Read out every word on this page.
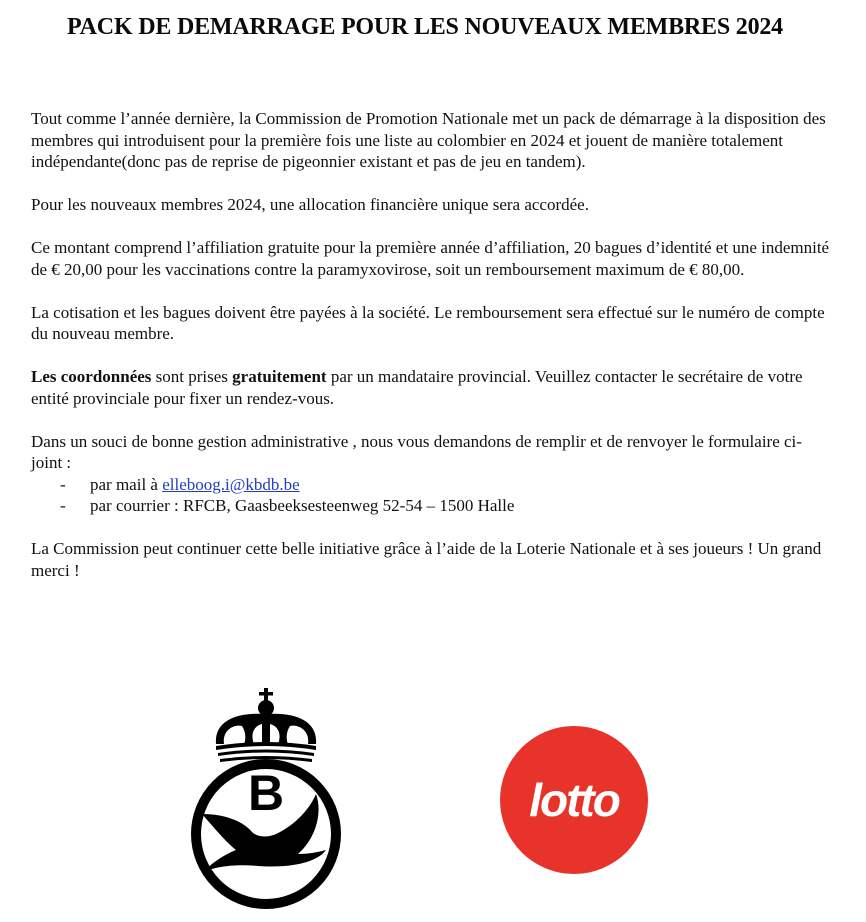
PACK DE DEMARRAGE POUR LES NOUVEAUX MEMBRES 2024

Tout comme l’année dernière, la Commission de Promotion Nationale met un pack de démarrage à la disposition des membres qui introduisent pour la première fois une liste au colombier en 2024 et jouent de manière totalement indépendante(donc pas de reprise de pigeonnier existant et pas de jeu en tandem).

Pour les nouveaux membres 2024, une allocation financière unique sera accordée.

Ce montant comprend l’affiliation gratuite pour la première année d’affiliation, 20 bagues d’identité et une indemnité de € 20,00 pour les vaccinations contre la paramyxovirose, soit un remboursement maximum de € 80,00.

La cotisation et les bagues doivent être payées à la société. Le remboursement sera effectué sur le numéro de compte du nouveau membre.

Les coordonnées sont prises gratuitement par un mandataire provincial. Veuillez contacter le secrétaire de votre entité provinciale pour fixer un rendez-vous.

Dans un souci de bonne gestion administrative , nous vous demandons de remplir et de renvoyer le formulaire ci-joint :

- par mail à elleboog.i@kbdb.be
- par courrier : RFCB, Gaasbeeksesteenweg 52-54 – 1500 Halle

La Commission peut continuer cette belle initiative grâce à l’aide de la Loterie Nationale et à ses joueurs ! Un grand merci !

B	lotto
